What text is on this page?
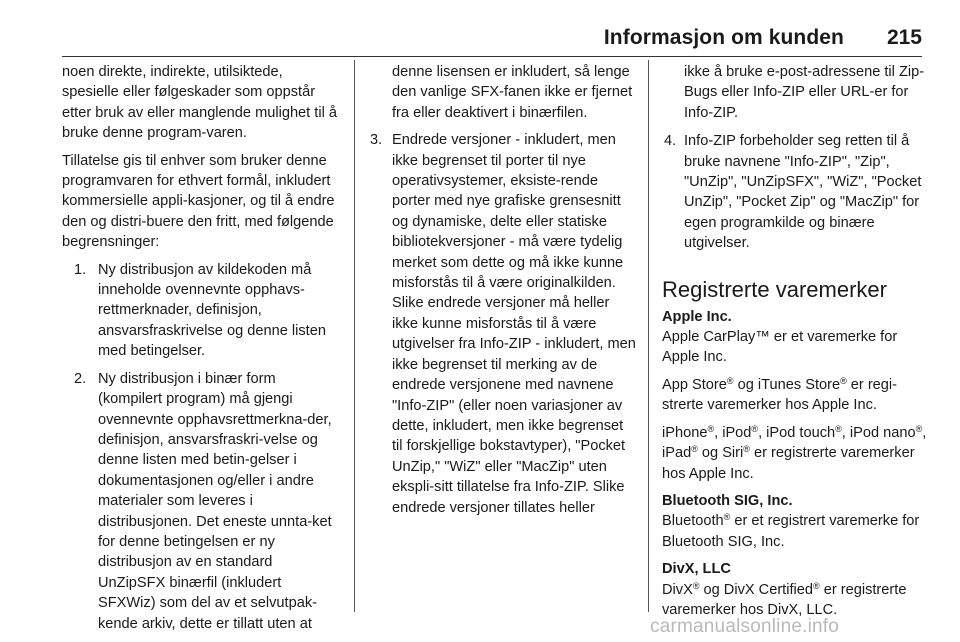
Informasjon om kunden 215

noen direkte, indirekte, utilsiktede, spesielle eller følgeskader som oppstår etter bruk av eller manglende mulighet til å bruke denne program-varen.

Tillatelse gis til enhver som bruker denne programvaren for ethvert formål, inkludert kommersielle appli-kasjoner, og til å endre den og distri-buere den fritt, med følgende begrensninger:

1. Ny distribusjon av kildekoden må inneholde ovennevnte opphavs-rettmerknader, definisjon, ansvarsfraskrivelse og denne listen med betingelser.
2. Ny distribusjon i binær form (kompilert program) må gjengi ovennevnte opphavsrettmerkna-der, definisjon, ansvarsfraskri-velse og denne listen med betin-gelser i dokumentasjonen og/eller i andre materialer som leveres i distribusjonen. Det eneste unnta-ket for denne betingelsen er ny distribusjon av en standard UnZipSFX binærfil (inkludert SFXWiz) som del av et selvutpak-kende arkiv, dette er tillatt uten at

denne lisensen er inkludert, så lenge den vanlige SFX-fanen ikke er fjernet fra eller deaktivert i binærfilen.

3. Endrede versjoner - inkludert, men ikke begrenset til porter til nye operativsystemer, eksiste-rende porter med nye grafiske grensesnitt og dynamiske, delte eller statiske bibliotekversjoner - må være tydelig merket som dette og må ikke kunne misforstås til å være originalkilden. Slike endrede versjoner må heller ikke kunne misforstås til å være utgivelser fra Info-ZIP - inkludert, men ikke begrenset til merking av de endrede versjonene med navnene "Info-ZIP" (eller noen variasjoner av dette, inkludert, men ikke begrenset til forskjellige bokstavtyper), "Pocket UnZip," "WiZ" eller "MacZip" uten ekspli-sitt tillatelse fra Info-ZIP. Slike endrede versjoner tillates heller

ikke å bruke e-post-adressene til Zip-Bugs eller Info-ZIP eller URL-er for Info-ZIP.

4. Info-ZIP forbeholder seg retten til å bruke navnene "Info-ZIP", "Zip", "UnZip", "UnZipSFX", "WiZ", "Pocket UnZip", "Pocket Zip" og "MacZip" for egen programkilde og binære utgivelser.
Registrerte varemerker
Apple Inc.

Apple CarPlay™ er et varemerke for Apple Inc.

App Store® og iTunes Store® er regi-strerte varemerker hos Apple Inc.

iPhone®, iPod®, iPod touch®, iPod nano®, iPad® og Siri® er registrerte varemerker hos Apple Inc.

Bluetooth SIG, Inc.

Bluetooth® er et registrert varemerke for Bluetooth SIG, Inc.

DivX, LLC

DivX® og DivX Certified® er registrerte varemerker hos DivX, LLC.

carmanualsonline.info
